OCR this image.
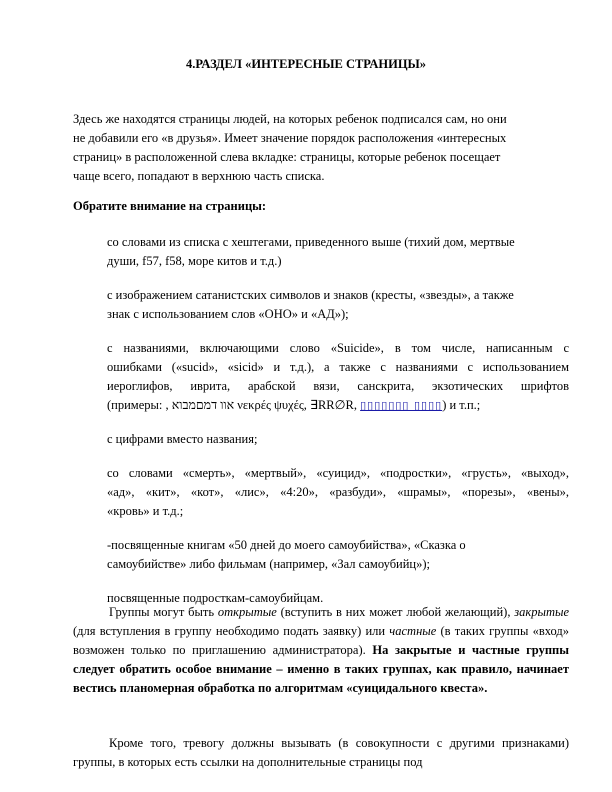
4.РАЗДЕЛ «ИНТЕРЕСНЫЕ СТРАНИЦЫ»
Здесь же находятся страницы людей, на которых ребенок подписался сам, но они
не добавили его «в друзья». Имеет значение порядок расположения «интересных
страниц» в расположенной слева вкладке: страницы, которые ребенок посещает
чаще всего, попадают в верхнюю часть списка.
Обратите внимание на страницы:
со словами из списка с хештегами, приведенного выше (тихий дом, мертвые
души, f57, f58, море китов и т.д.)
с изображением сатанистских символов и знаков (кресты, «звезды», а также
знак с использованием слов «ОНО» и «АД»);
с названиями, включающими слово «Suicide», в том числе, написанным с
ошибками («sucid», «sicid» и т.д.), а также с названиями с использованием
иероглифов, иврита, арабской вязи, санскрита, экзотических шрифтов
(примеры: אוו דמםמבוא , νεκρές ψυχές, ∃RR∅R, ▯▯▯▯▯▯▯ ▯▯▯▯) и т.п.;
с цифрами вместо названия;
со словами «смерть», «мертвый», «суицид», «подростки», «грусть», «выход»,
«ад», «кит», «кот», «лис», «4:20», «разбуди», «шрамы», «порезы», «вены»,
«кровь» и т.д.;
-посвященные книгам «50 дней до моего самоубийства», «Сказка о
самоубийстве» либо фильмам (например, «Зал самоубийц»);
посвященные подросткам-самоубийцам.
Группы могут быть открытые (вступить в них может любой желающий), закрытые (для вступления в группу необходимо подать заявку) или частные (в таких группы «вход» возможен только по приглашению администратора). На закрытые и частные группы следует обратить особое внимание – именно в таких группах, как правило, начинает вестись планомерная обработка по алгоритмам «суицидального квеста».
Кроме того, тревогу должны вызывать (в совокупности с другими признаками) группы, в которых есть ссылки на дополнительные страницы под
